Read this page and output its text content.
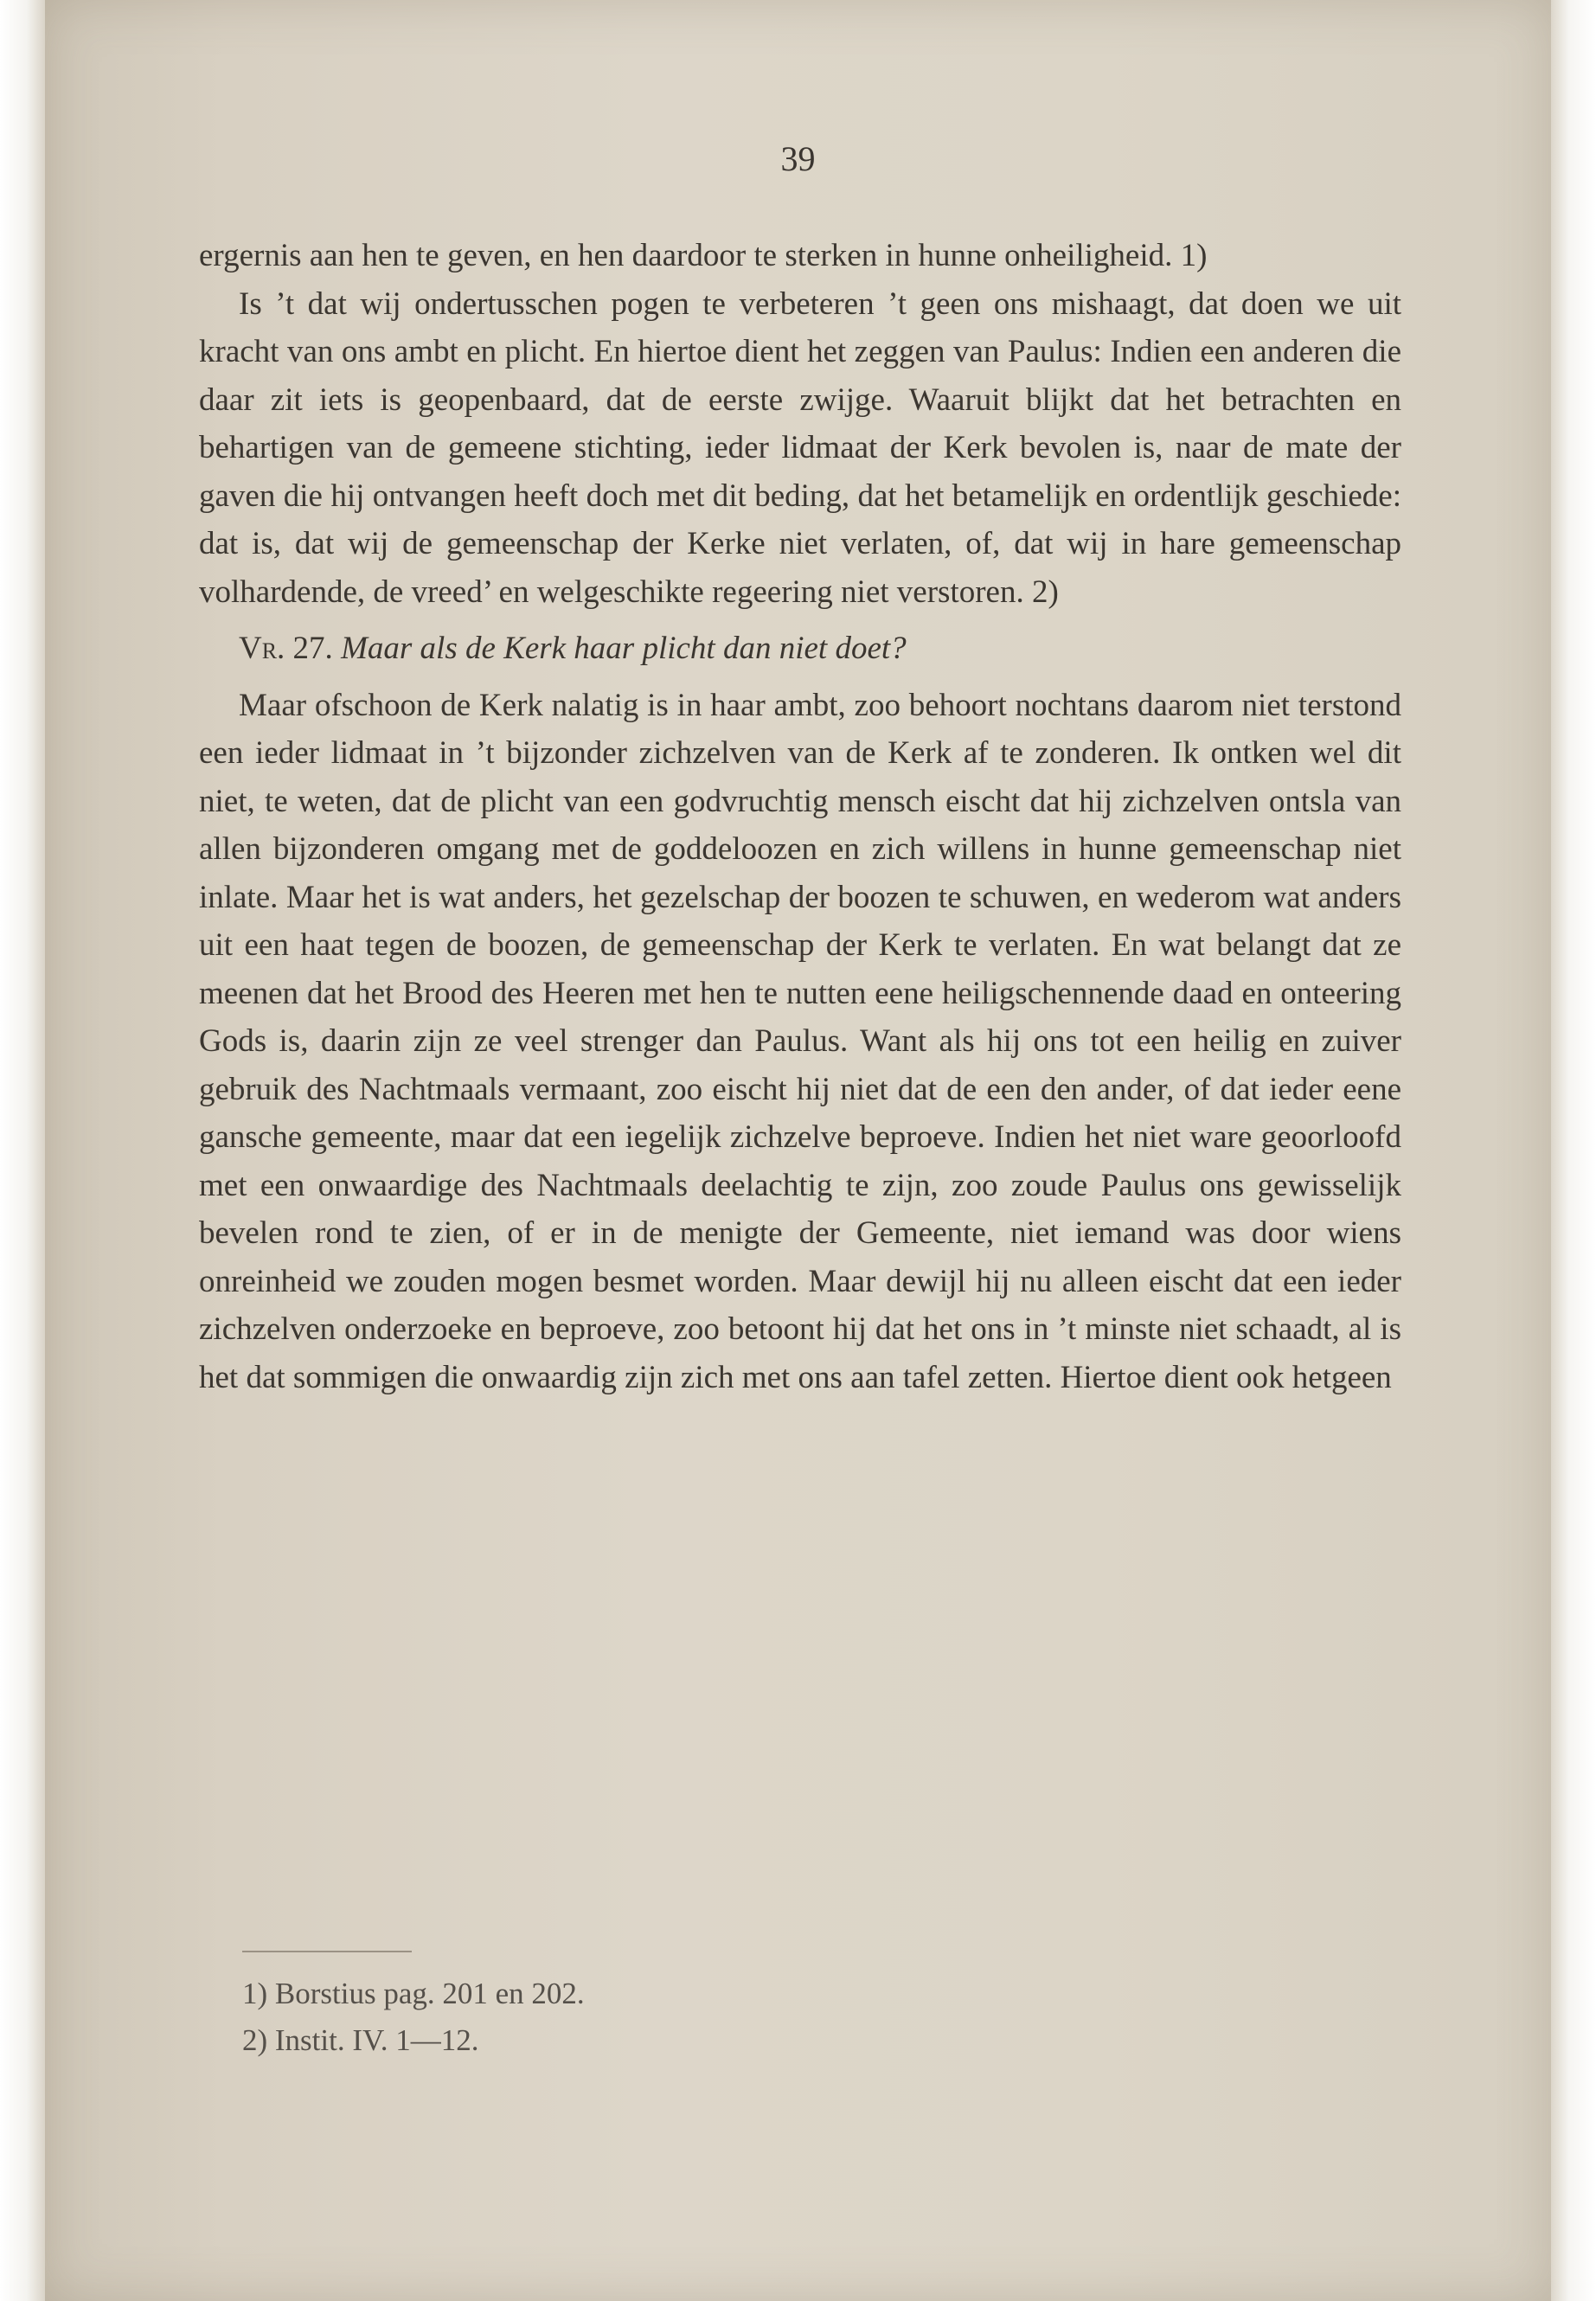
39

ergernis aan hen te geven, en hen daardoor te sterken in hunne onheiligheid. 1)

Is ’t dat wij ondertusschen pogen te verbeteren ’t geen ons mishaagt, dat doen we uit kracht van ons ambt en plicht. En hiertoe dient het zeggen van Paulus: Indien een anderen die daar zit iets is geopenbaard, dat de eerste zwijge. Waaruit blijkt dat het betrachten en behartigen van de gemeene stichting, ieder lidmaat der Kerk bevolen is, naar de mate der gaven die hij ontvangen heeft doch met dit beding, dat het betamelijk en ordentlijk geschiede: dat is, dat wij de gemeenschap der Kerke niet verlaten, of, dat wij in hare gemeenschap volhardende, de vreed’ en welgeschikte regeering niet verstoren. 2)

Vr. 27. Maar als de Kerk haar plicht dan niet doet?

Maar ofschoon de Kerk nalatig is in haar ambt, zoo behoort nochtans daarom niet terstond een ieder lidmaat in ’t bijzonder zichzelven van de Kerk af te zonderen. Ik ontken wel dit niet, te weten, dat de plicht van een godvruchtig mensch eischt dat hij zichzelven ontsla van allen bijzonderen omgang met de goddeloozen en zich willens in hunne gemeenschap niet inlate. Maar het is wat anders, het gezelschap der boozen te schuwen, en wederom wat anders uit een haat tegen de boozen, de gemeenschap der Kerk te verlaten. En wat belangt dat ze meenen dat het Brood des Heeren met hen te nutten eene heiligschennende daad en onteering Gods is, daarin zijn ze veel strenger dan Paulus. Want als hij ons tot een heilig en zuiver gebruik des Nachtmaals vermaant, zoo eischt hij niet dat de een den ander, of dat ieder eene gansche gemeente, maar dat een iegelijk zichzelve beproeve. Indien het niet ware geoorloofd met een onwaardige des Nachtmaals deelachtig te zijn, zoo zoude Paulus ons gewisselijk bevelen rond te zien, of er in de menigte der Gemeente, niet iemand was door wiens onreinheid we zouden mogen besmet worden. Maar dewijl hij nu alleen eischt dat een ieder zichzelven onderzoeke en beproeve, zoo betoont hij dat het ons in ’t minste niet schaadt, al is het dat sommigen die onwaardig zijn zich met ons aan tafel zetten. Hiertoe dient ook hetgeen

1) Borstius pag. 201 en 202.
2) Instit. IV. 1—12.
